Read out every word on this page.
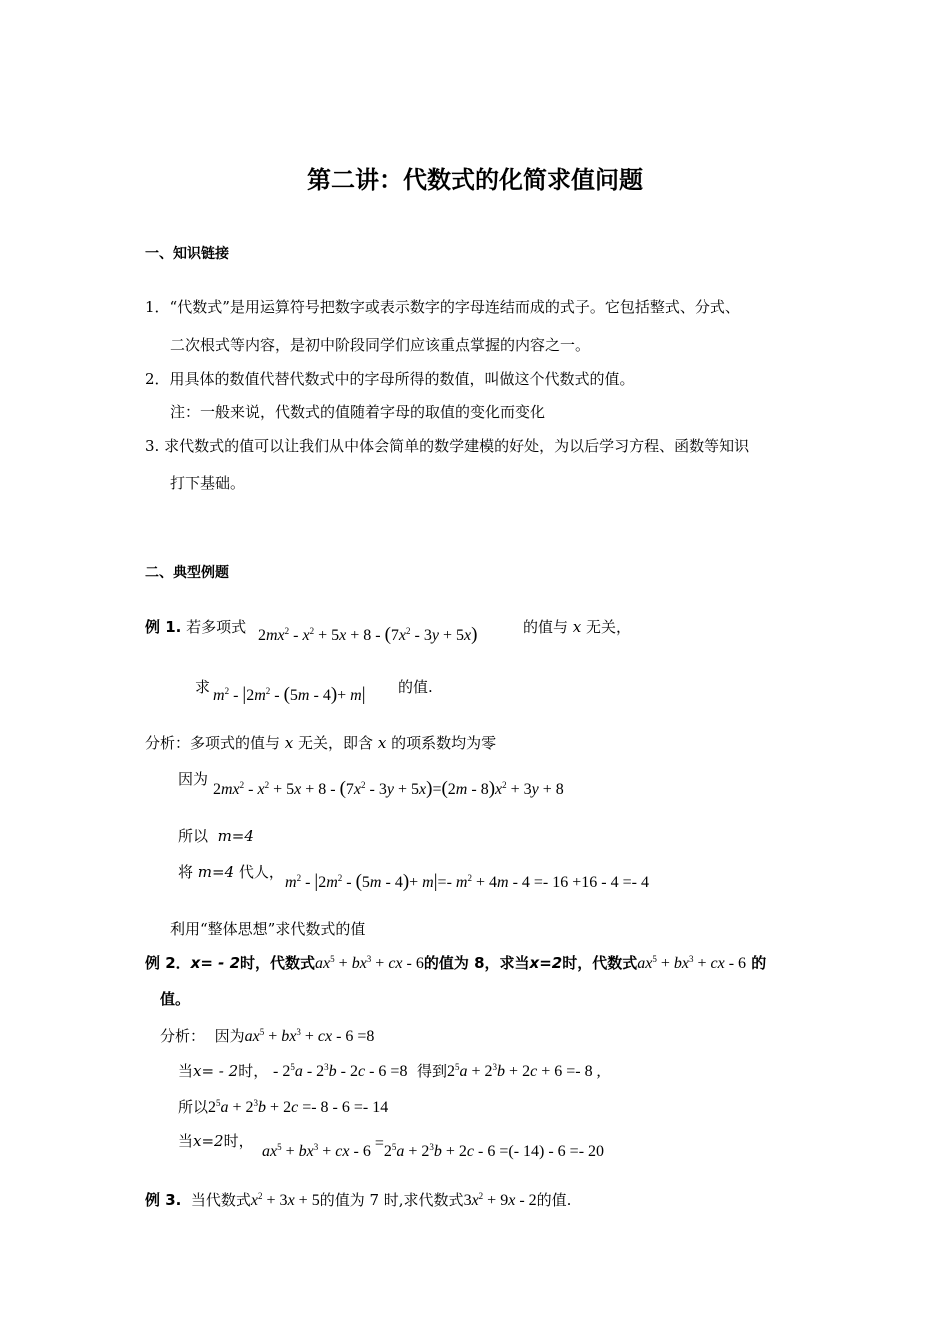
第二讲：代数式的化简求值问题
一、知识链接
1．“代数式”是用运算符号把数字或表示数字的字母连结而成的式子。它包括整式、分式、
二次根式等内容，是初中阶段同学们应该重点掌握的内容之一。
2．用具体的数值代替代数式中的字母所得的数值，叫做这个代数式的值。
注：一般来说，代数式的值随着字母的取值的变化而变化
3. 求代数式的值可以让我们从中体会简单的数学建模的好处，为以后学习方程、函数等知识
打下基础。
二、典型例题
例 1. 若多项式 $2mx^2 - x^2 + 5x + 8 - (7x^2 - 3y + 5x)$	的值与 x 无关，
求 $m^2 - |2m^2 - (5m - 4)+ m|$ 的值.
分析：多项式的值与 x 无关，即含 x 的项系数均为零
因为
$2mx^2 - x^2 + 5x + 8 - (7x^2 - 3y + 5x)=(2m - 8)x^2 + 3y + 8$
所以 m=4
将 m=4 代人，
$m^2 - |2m^2 - (5m - 4)+ m|=-$ $m^2 + 4m - 4 =- 16 +16 - 4 =- 4$
利用“整体思想”求代数式的值
例 2．x= - 2时，代数式$ax^5 + bx^3$ + cx - 6的值为 8，求当x=2时，代数式$ax^5 + bx^3$ + cx - 6 的
值。
分析： 因为$ax^5 + bx^3$ + cx - 6 =8
当x= - 2时， - $2^5a - 2^3b - 2c - 6 =8$ 得到$2^5a + 2^3b + 2c + 6 =- 8$ ,
所以$2^5a + 2^3b + 2c =- 8 - 6 =- 14$
当x=2时，
$ax^5 + bx^3$ + cx - $6 =2^5a + 2^3b + 2c - 6$ =(- 14) - 6 =- 20
例 3. 当代数式$x^2 + 3x + 5$的值为 7 时,求代数式$3x^2 + 9x - 2$的值.
